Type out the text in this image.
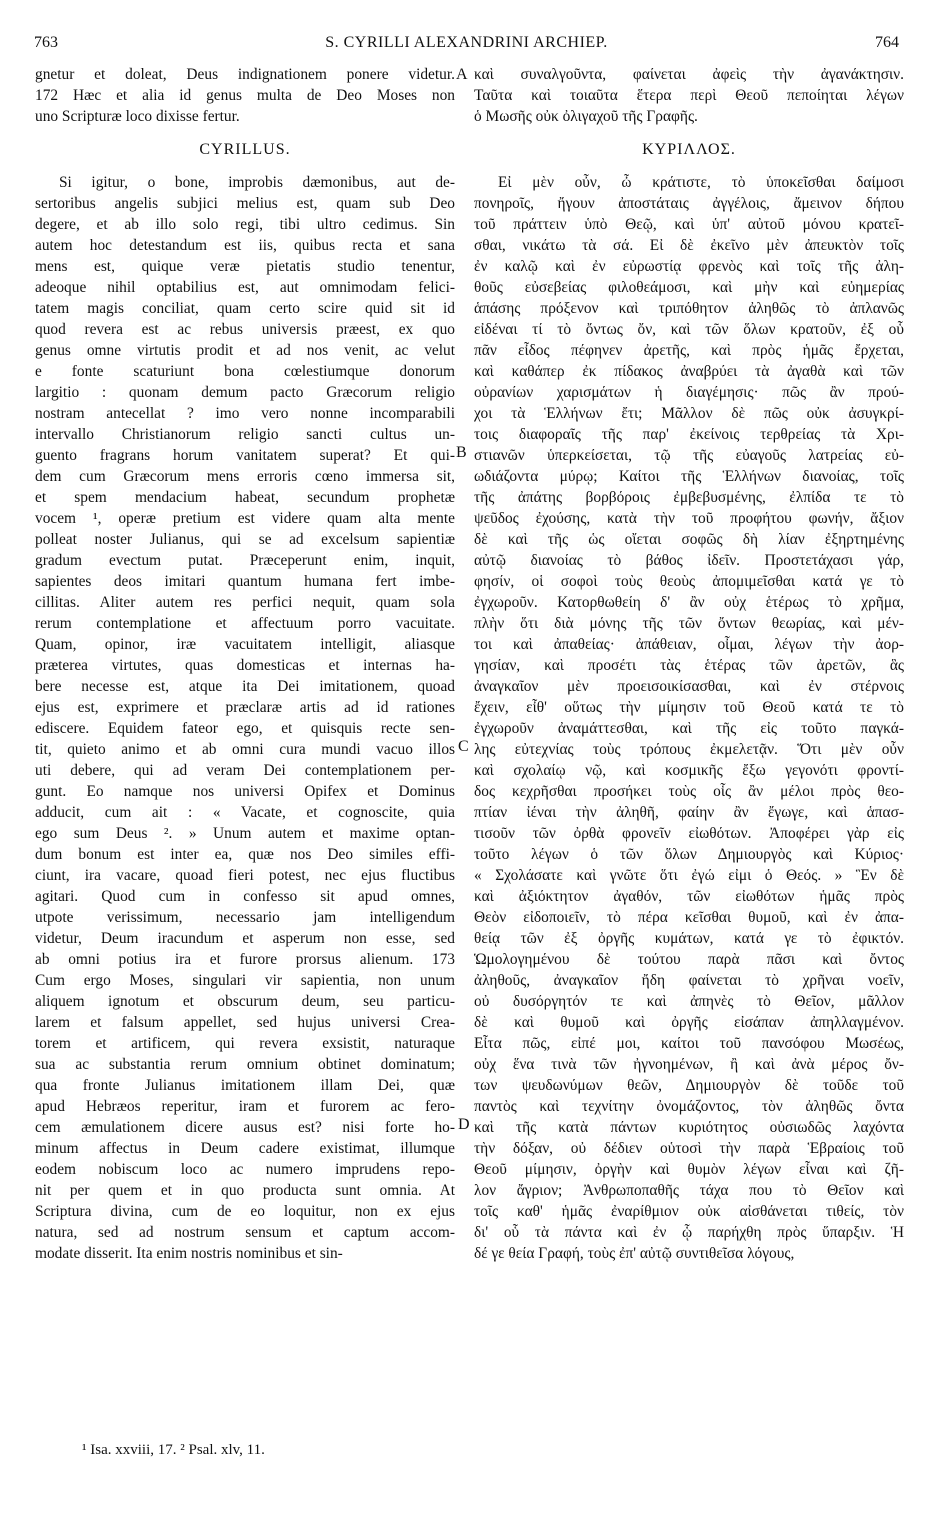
763	S. CYRILLI ALEXANDRINI ARCHIEP.	764
gnetur et doleat, Deus indignationem ponere videtur.
172 Hæc et alia id genus multa de Deo Moses non
uno Scripturæ loco dixisse fertur.
CYRILLUS.
Si igitur, o bone, improbis dæmonibus, aut de-
sertoribus angelis subjici melius est, quam sub Deo
degere, et ab illo solo regi, tibi ultro cedimus. Sin
autem hoc detestandum est iis, quibus recta et sana
mens est, quique veræ pietatis studio tenentur,
adeoque nihil optabilius est, aut omnimodam felici-
tatem magis conciliat, quam certo scire quid sit id
quod revera est ac rebus universis præest, ex quo
genus omne virtutis prodit et ad nos venit, ac velut
e fonte scaturiunt bona cœlestiumque donorum
largitio : quonam demum pacto Græcorum religio
nostram antecellat ? imo vero nonne incomparabili
intervallo Christianorum religio sancti cultus un-
guento fragrans horum vanitatem superat? Et qui-
dem cum Græcorum mens erroris cœno immersa sit,
et spem mendacium habeat, secundum prophetæ
vocem ¹, operæ pretium est videre quam alta mente
polleat noster Julianus, qui se ad excelsum sapientiæ
gradum evectum putat. Præceperunt enim, inquit,
sapientes deos imitari quantum humana fert imbe-
cillitas. Aliter autem res perfici nequit, quam sola
rerum contemplatione et affectuum porro vacuitate.
Quam, opinor, iræ vacuitatem intelligit, aliasque
præterea virtutes, quas domesticas et internas ha-
bere necesse est, atque ita Dei imitationem, quoad
ejus est, exprimere et præclaræ artis ad id rationes
ediscere. Equidem fateor ego, et quisquis recte sen-
tit, quieto animo et ab omni cura mundi vacuo illos
uti debere, qui ad veram Dei contemplationem per-
gunt. Eo namque nos universi Opifex et Dominus
adducit, cum ait : « Vacate, et cognoscite, quia
ego sum Deus ². » Unum autem et maxime optan-
dum bonum est inter ea, quæ nos Deo similes effi-
ciunt, ira vacare, quoad fieri potest, nec ejus fluctibus
agitari. Quod cum in confesso sit apud omnes,
utpote verissimum, necessario jam intelligendum
videtur, Deum iracundum et asperum non esse, sed
ab omni potius ira et furore prorsus alienum. 173
Cum ergo Moses, singulari vir sapientia, non unum
aliquem ignotum et obscurum deum, seu particu-
larem et falsum appellet, sed hujus universi Crea-
torem et artificem, qui revera exsistit, naturaque
sua ac substantia rerum omnium obtinet dominatum;
qua fronte Julianus imitationem illam Dei, quæ
apud Hebræos reperitur, iram et furorem ac fero-
cem æmulationem dicere ausus est? nisi forte ho-
minum affectus in Deum cadere existimat, illumque
eodem nobiscum loco ac numero imprudens repo-
nit per quem et in quo producta sunt omnia. At
Scriptura divina, cum de eo loquitur, non ex ejus
natura, sed ad nostrum sensum et captum accom-
modate disserit. Ita enim nostris nominibus et sin-
καὶ συναλγοῦντα, φαίνεται ἀφεὶς τὴν ἀγανάκτησιν.
Ταῦτα καὶ τοιαῦτα ἕτερα περὶ Θεοῦ πεποίηται λέγων
ὁ Μωσῆς οὐκ ὀλιγαχοῦ τῆς Γραφῆς.
ΚΥΡΙΛΛΟΣ.
Εἰ μὲν οὖν, ὦ κράτιστε, τὸ ὑποκεῖσθαι δαίμοσι
πονηροῖς, ἤγουν ἀποστάταις ἀγγέλοις, ἄμεινον δήπου
τοῦ πράττειν ὑπὸ Θεῷ, καὶ ὑπ' αὐτοῦ μόνου κρατεῖ-
σθαι, νικάτω τὰ σά. Εἰ δὲ ἐκεῖνο μὲν ἀπευκτὸν τοῖς
ἐν καλῷ καὶ ἐν εὐρωστίᾳ φρενὸς καὶ τοῖς τῆς ἀλη-
θοῦς εὐσεβείας φιλοθεάμοσι, καὶ μὴν καὶ εὐημερίας
ἁπάσης πρόξενον καὶ τριπόθητον ἀληθῶς τὸ ἀπλανῶς
εἰδέναι τί τὸ ὄντως ὄν, καὶ τῶν ὅλων κρατοῦν, ἐξ οὗ
πᾶν εἶδος πέφηνεν ἀρετῆς, καὶ πρὸς ἡμᾶς ἔρχεται,
καὶ καθάπερ ἐκ πίδακος ἀναβρύει τὰ ἀγαθὰ καὶ τῶν
οὐρανίων χαρισμάτων ἡ διαγέμησις· πῶς ἂν πρού-
χοι τὰ Ἑλλήνων ἔτι; Μᾶλλον δὲ πῶς οὐκ ἀσυγκρί-
τοις διαφοραῖς τῆς παρ' ἐκείνοις τερθρείας τὰ Χρι-
στιανῶν ὑπερκείσεται, τῷ τῆς εὐαγοῦς λατρείας εὐ-
ωδιάζοντα μύρῳ; Καίτοι τῆς Ἑλλήνων διανοίας, τοῖς
τῆς ἀπάτης βορβόροις ἐμβεβυσμένης, ἐλπίδα τε τὸ
ψεῦδος ἐχούσης, κατὰ τὴν τοῦ προφήτου φωνήν, ἄξιον
δὲ καὶ τῆς ὡς οἴεται σοφῶς δὴ λίαν ἐξηρτημένης
αὐτῷ διανοίας τὸ βάθος ἰδεῖν. Προστετάχασι γάρ,
φησίν, οἱ σοφοὶ τοὺς θεοὺς ἀπομιμεῖσθαι κατά γε τὸ
ἐγχωροῦν. Κατορθωθείη δ' ἂν οὐχ ἑτέρως τὸ χρῆμα,
πλὴν ὅτι διὰ μόνης τῆς τῶν ὄντων θεωρίας, καὶ μέν-
τοι καὶ ἀπαθείας· ἀπάθειαν, οἶμαι, λέγων τὴν ἀορ-
γησίαν, καὶ προσέτι τὰς ἑτέρας τῶν ἀρετῶν, ἃς
ἀναγκαῖον μὲν προεισοικίσασθαι, καὶ ἐν στέρνοις
ἔχειν, εἶθ' οὕτως τὴν μίμησιν τοῦ Θεοῦ κατά τε τὸ
ἐγχωροῦν ἀναμάττεσθαι, καὶ τῆς εἰς τοῦτο παγκά-
λης εὐτεχνίας τοὺς τρόπους ἐκμελετᾷν. Ὅτι μὲν οὖν
καὶ σχολαίῳ νῷ, καὶ κοσμικῆς ἔξω γεγονότι φροντί-
δος κεχρῆσθαι προσήκει τοὺς οἷς ἂν μέλοι πρὸς θεο-
πτίαν ἰέναι τὴν ἀληθῆ, φαίην ἂν ἔγωγε, καὶ ἁπασ-
τισοῦν τῶν ὀρθὰ φρονεῖν εἰωθότων. Ἀποφέρει γὰρ εἰς
τοῦτο λέγων ὁ τῶν ὅλων Δημιουργὸς καὶ Κύριος·
« Σχολάσατε καὶ γνῶτε ὅτι ἐγώ εἰμι ὁ Θεός. » Ἓν δὲ
καὶ ἀξιόκτητον ἀγαθόν, τῶν εἰωθότων ἡμᾶς πρὸς
Θεὸν εἰδοποιεῖν, τὸ πέρα κεῖσθαι θυμοῦ, καὶ ἐν ἀπα-
θείᾳ τῶν ἐξ ὀργῆς κυμάτων, κατά γε τὸ ἐφικτόν.
Ὡμολογημένου δὲ τούτου παρὰ πᾶσι καὶ ὄντος
ἀληθοῦς, ἀναγκαῖον ἤδη φαίνεται τὸ χρῆναι νοεῖν,
οὐ δυσόργητόν τε καὶ ἀπηνὲς τὸ Θεῖον, μᾶλλον
δὲ καὶ θυμοῦ καὶ ὀργῆς εἰσάπαν ἀπηλλαγμένον.
Εἶτα πῶς, εἰπέ μοι, καίτοι τοῦ πανσόφου Μωσέως,
οὐχ ἕνα τινὰ τῶν ἠγνοημένων, ἢ καὶ ἀνὰ μέρος ὄν-
των ψευδωνύμων θεῶν, Δημιουργὸν δὲ τοῦδε τοῦ
παντὸς καὶ τεχνίτην ὀνομάζοντος, τὸν ἀληθῶς ὄντα
καὶ τῆς κατὰ πάντων κυριότητος οὐσιωδῶς λαχόντα
τὴν δόξαν, οὐ δέδιεν οὑτοσὶ τὴν παρὰ Ἑβραίοις τοῦ
Θεοῦ μίμησιν, ὀργὴν καὶ θυμὸν λέγων εἶναι καὶ ζῆ-
λον ἄγριον; Ἀνθρωποπαθῆς τάχα που τὸ Θεῖον καὶ
τοῖς καθ' ἡμᾶς ἐναρίθμιον οὐκ αἰσθάνεται τιθείς, τὸν
δι' οὗ τὰ πάντα καὶ ἐν ᾧ παρήχθη πρὸς ὕπαρξιν. Ἡ
δέ γε θεία Γραφή, τοὺς ἐπ' αὐτῷ συντιθεῖσα λόγους,
A
B
C
D
¹ Isa. xxviii, 17. ² Psal. xlv, 11.
